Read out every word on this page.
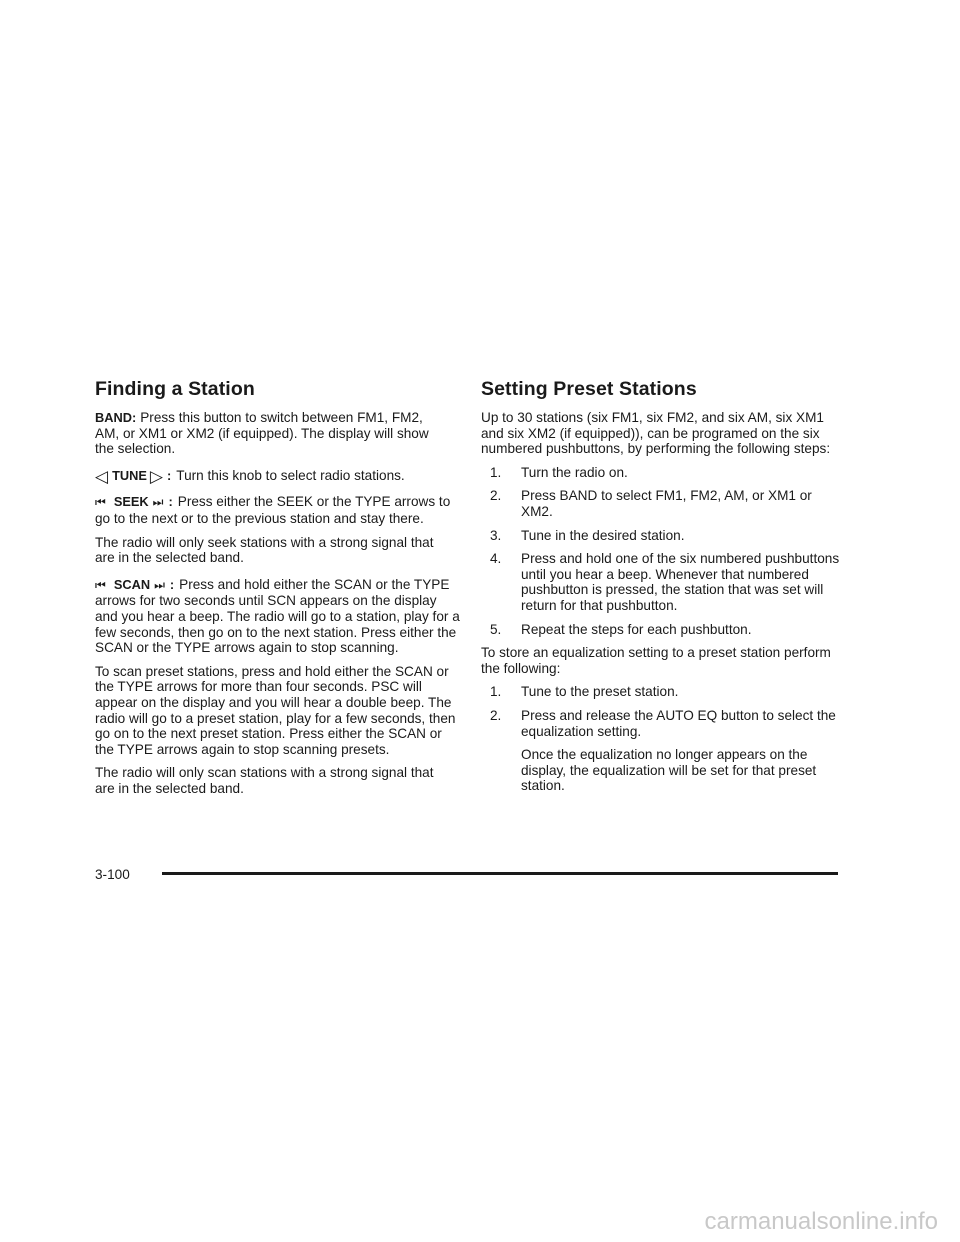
Finding a Station

BAND: Press this button to switch between FM1, FM2, AM, or XM1 or XM2 (if equipped). The display will show the selection.

◁ TUNE ▷ : Turn this knob to select radio stations.

⏮ SEEK ⏭ : Press either the SEEK or the TYPE arrows to go to the next or to the previous station and stay there.

The radio will only seek stations with a strong signal that are in the selected band.

⏮ SCAN ⏭ : Press and hold either the SCAN or the TYPE arrows for two seconds until SCN appears on the display and you hear a beep. The radio will go to a station, play for a few seconds, then go on to the next station. Press either the SCAN or the TYPE arrows again to stop scanning.

To scan preset stations, press and hold either the SCAN or the TYPE arrows for more than four seconds. PSC will appear on the display and you will hear a double beep. The radio will go to a preset station, play for a few seconds, then go on to the next preset station. Press either the SCAN or the TYPE arrows again to stop scanning presets.

The radio will only scan stations with a strong signal that are in the selected band.

Setting Preset Stations

Up to 30 stations (six FM1, six FM2, and six AM, six XM1 and six XM2 (if equipped)), can be programed on the six numbered pushbuttons, by performing the following steps:

1. Turn the radio on.
2. Press BAND to select FM1, FM2, AM, or XM1 or XM2.
3. Tune in the desired station.
4. Press and hold one of the six numbered pushbuttons until you hear a beep. Whenever that numbered pushbutton is pressed, the station that was set will return for that pushbutton.
5. Repeat the steps for each pushbutton.

To store an equalization setting to a preset station perform the following:

1. Tune to the preset station.
2. Press and release the AUTO EQ button to select the equalization setting.

Once the equalization no longer appears on the display, the equalization will be set for that preset station.

3-100
carmanualsonline.info
